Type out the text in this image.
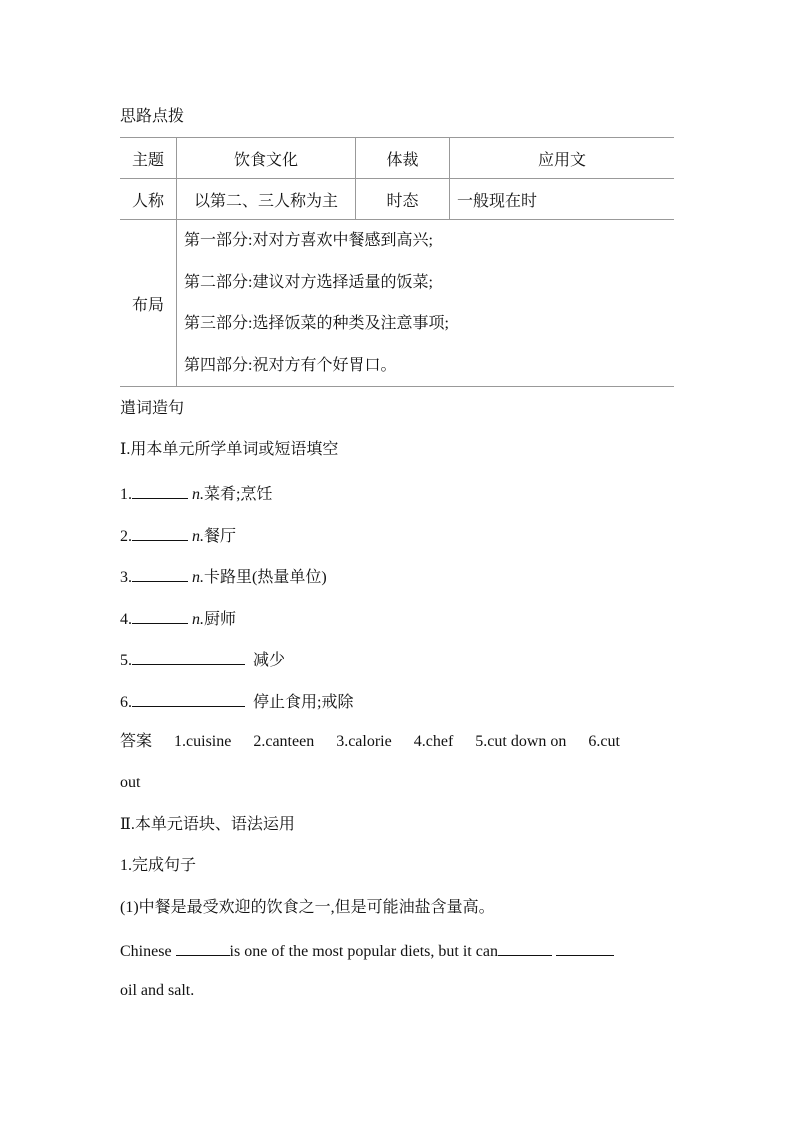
思路点拨
主题	饮食文化	体裁	应用文
人称	以第二、三人称为主	时态	一般现在时
布局	第一部分:对对方喜欢中餐感到高兴;
第二部分:建议对方选择适量的饭菜;
第三部分:选择饭菜的种类及注意事项;
第四部分:祝对方有个好胃口。		
遣词造句
Ⅰ.用本单元所学单词或短语填空
1.	n.菜肴;烹饪
2.	n.餐厅
3.	n.卡路里(热量单位)
4.	n.厨师
5.	减少
6.	停止食用;戒除
答案 1.cuisine 2.canteen 3.calorie 4.chef 5.cut down on 6.cut
out
Ⅱ.本单元语块、语法运用
1.完成句子
(1)中餐是最受欢迎的饮食之一,但是可能油盐含量高。
Chinese	is one of the most popular diets, but it can
oil and salt.
